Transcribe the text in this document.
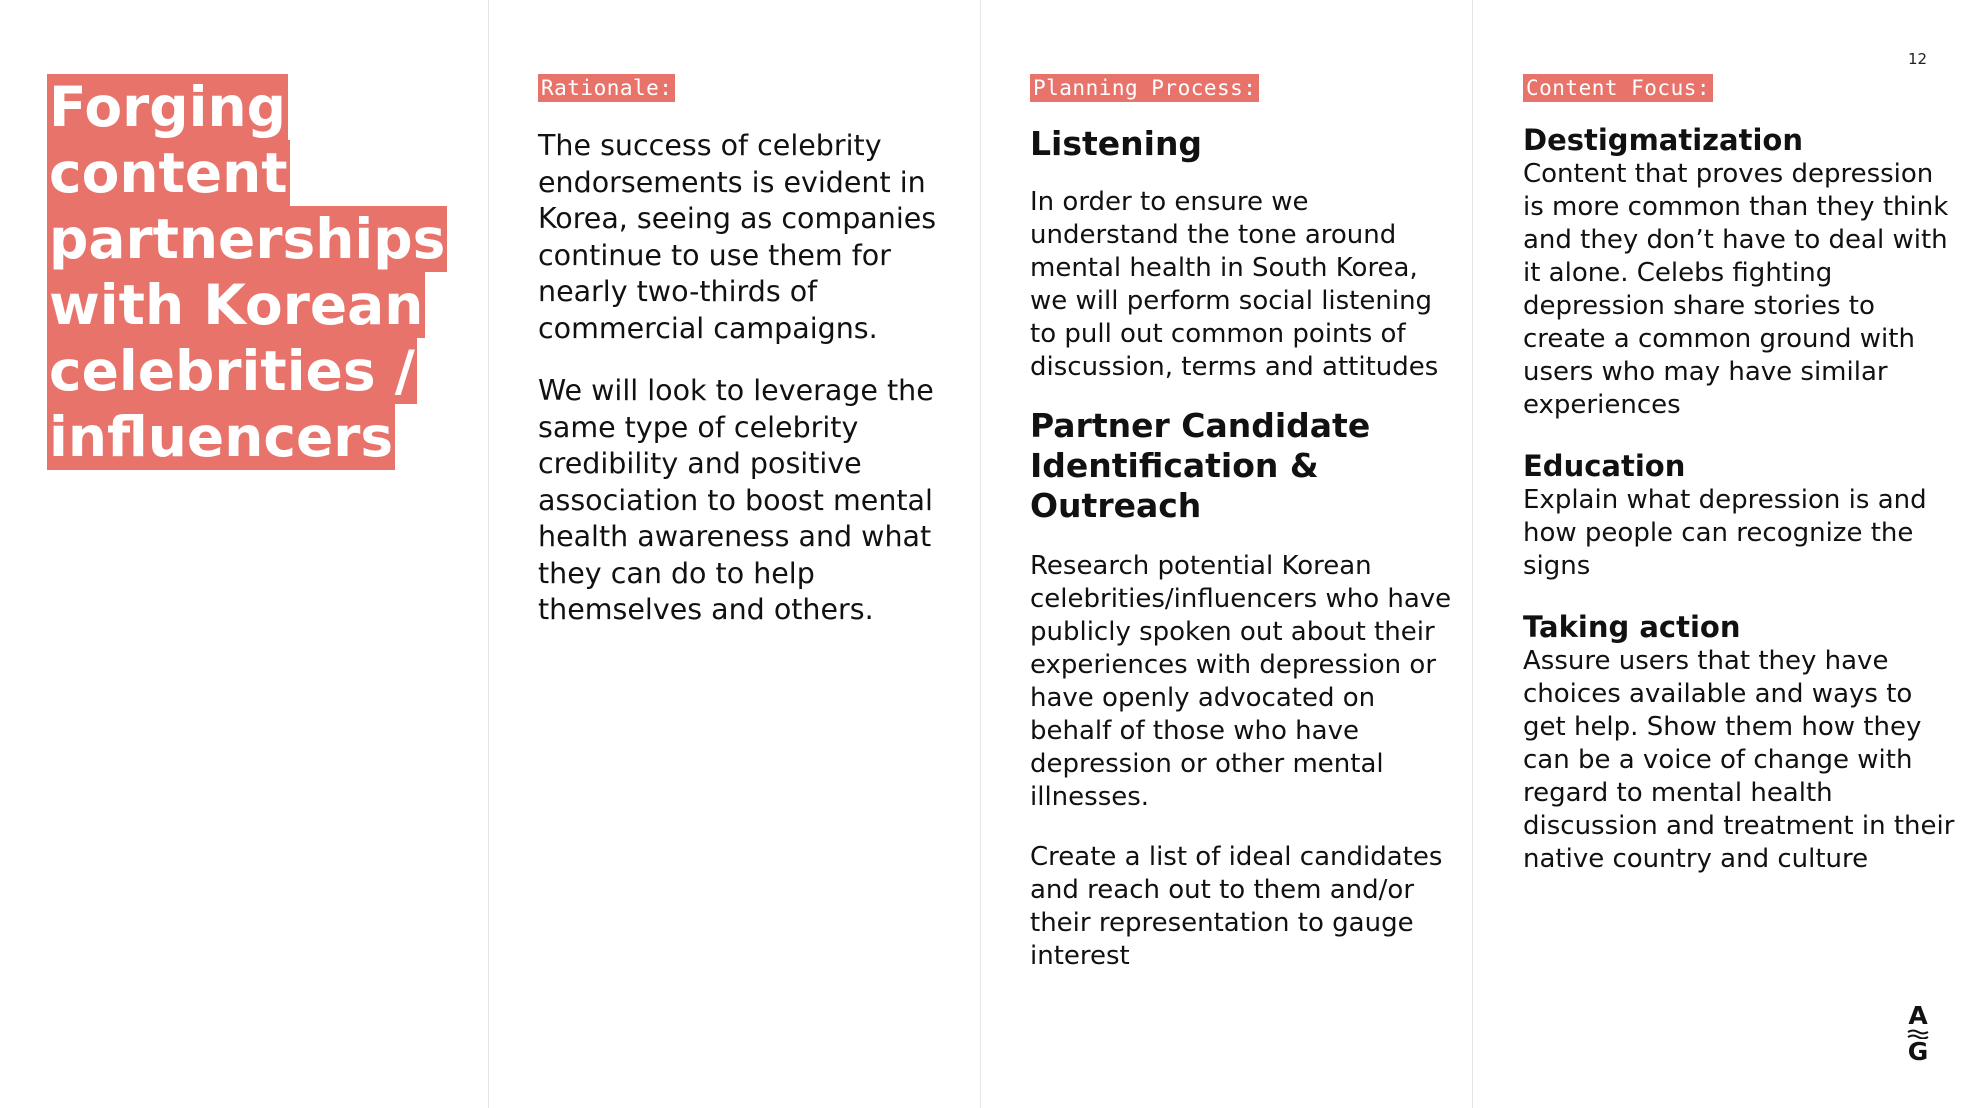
12
Forging
content
partnerships
with Korean
celebrities /
influencers
Rationale:

The success of celebrity endorsements is evident in Korea, seeing as companies continue to use them for nearly two-thirds of commercial campaigns.

We will look to leverage the same type of celebrity credibility and positive association to boost mental health awareness and what they can do to help themselves and others.

Planning Process:

Listening

In order to ensure we understand the tone around mental health in South Korea, we will perform social listening to pull out common points of discussion, terms and attitudes

Partner Candidate Identification & Outreach

Research potential Korean celebrities/influencers who have publicly spoken out about their experiences with depression or have openly advocated on behalf of those who have depression or other mental illnesses.

Create a list of ideal candidates and reach out to them and/or their representation to gauge interest

Content Focus:

Destigmatization

Content that proves depression is more common than they think and they don’t have to deal with it alone. Celebs fighting depression share stories to create a common ground with users who may have similar experiences

Education

Explain what depression is and how people can recognize the signs

Taking action

Assure users that they have choices available and ways to get help. Show them how they can be a voice of change with regard to mental health discussion and treatment in their native country and culture

A
G
